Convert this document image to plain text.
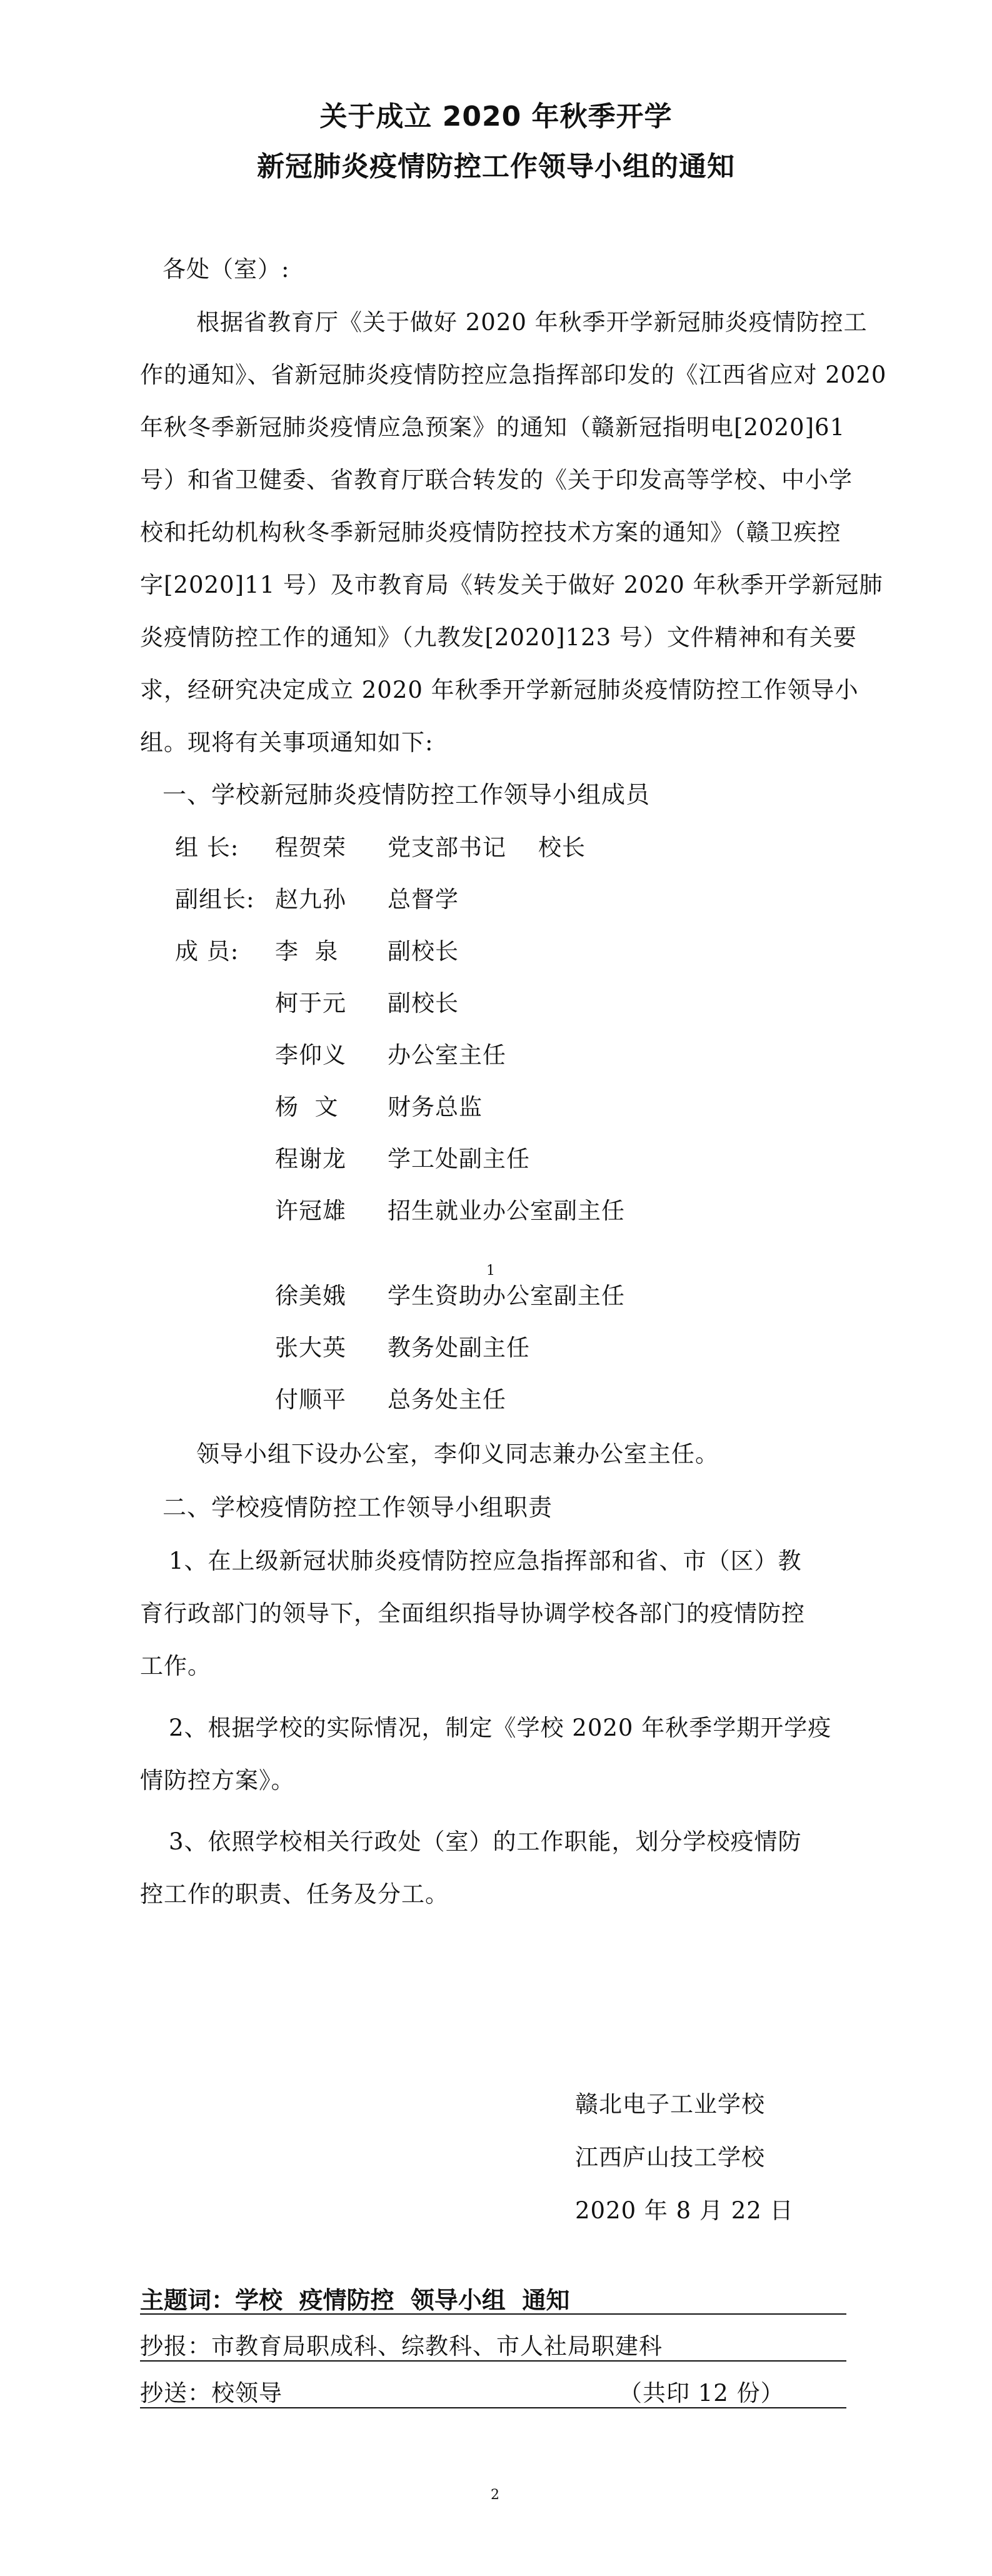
关于成立 2020 年秋季开学
新冠肺炎疫情防控工作领导小组的通知
各处（室）:
根据省教育厅《关于做好 2020 年秋季开学新冠肺炎疫情防控工
作的通知》、省新冠肺炎疫情防控应急指挥部印发的《江西省应对 2020
年秋冬季新冠肺炎疫情应急预案》的通知（赣新冠指明电[2020]61
号）和省卫健委、省教育厅联合转发的《关于印发高等学校、中小学
校和托幼机构秋冬季新冠肺炎疫情防控技术方案的通知》（赣卫疾控
字[2020]11 号）及市教育局《转发关于做好 2020 年秋季开学新冠肺
炎疫情防控工作的通知》（九教发[2020]123 号）文件精神和有关要
求，经研究决定成立 2020 年秋季开学新冠肺炎疫情防控工作领导小
组。现将有关事项通知如下:
一、学校新冠肺炎疫情防控工作领导小组成员
组 长: 程贺荣 党支部书记    校长
副组长: 赵九孙 总督学
成 员: 李  泉 副校长
柯于元 副校长
李仰义 办公室主任
杨  文 财务总监
程谢龙 学工处副主任
许冠雄 招生就业办公室副主任
1
徐美娥 学生资助办公室副主任
张大英 教务处副主任
付顺平 总务处主任
领导小组下设办公室，李仰义同志兼办公室主任。
二、学校疫情防控工作领导小组职责
1、在上级新冠状肺炎疫情防控应急指挥部和省、市（区）教
育行政部门的领导下，全面组织指导协调学校各部门的疫情防控
工作。
2、根据学校的实际情况，制定《学校 2020 年秋季学期开学疫
情防控方案》。
3、依照学校相关行政处（室）的工作职能，划分学校疫情防
控工作的职责、任务及分工。
赣北电子工业学校
江西庐山技工学校
2020 年 8 月 22 日
主题词：学校  疫情防控  领导小组  通知
抄报：市教育局职成科、综教科、市人社局职建科
抄送：校领导	（共印 12 份）
2
